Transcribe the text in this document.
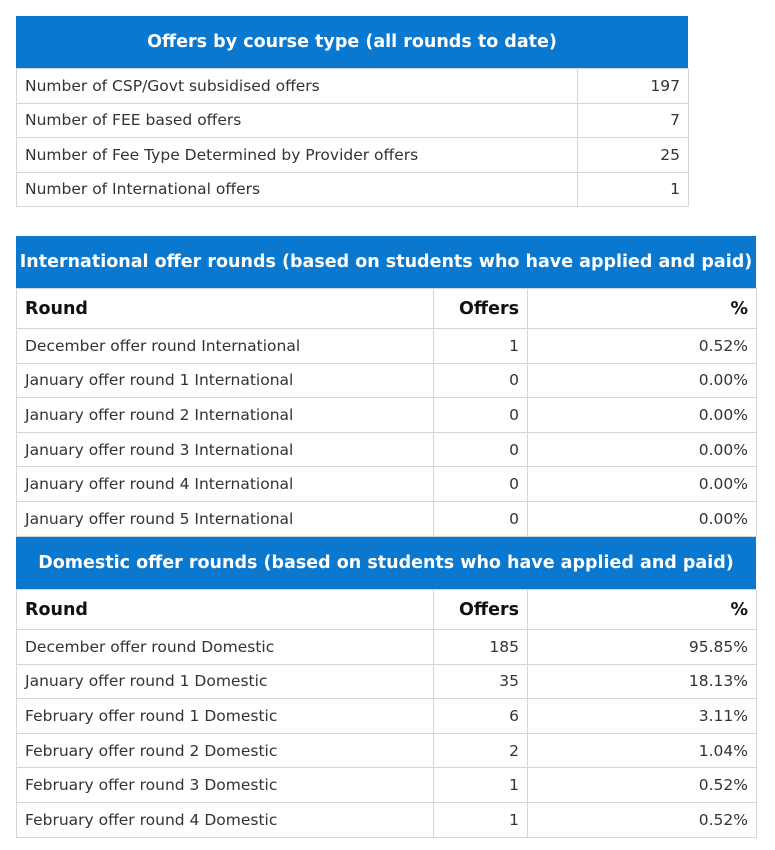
Offers by course type (all rounds to date)
Number of CSP/Govt subsidised offers	197
Number of FEE based offers	7
Number of Fee Type Determined by Provider offers	25
Number of International offers	1
International offer rounds (based on students who have applied and paid)
Round	Offers	%
December offer round International	1	0.52%
January offer round 1 International	0	0.00%
January offer round 2 International	0	0.00%
January offer round 3 International	0	0.00%
January offer round 4 International	0	0.00%
January offer round 5 International	0	0.00%
Domestic offer rounds (based on students who have applied and paid)
Round	Offers	%
December offer round Domestic	185	95.85%
January offer round 1 Domestic	35	18.13%
February offer round 1 Domestic	6	3.11%
February offer round 2 Domestic	2	1.04%
February offer round 3 Domestic	1	0.52%
February offer round 4 Domestic	1	0.52%
